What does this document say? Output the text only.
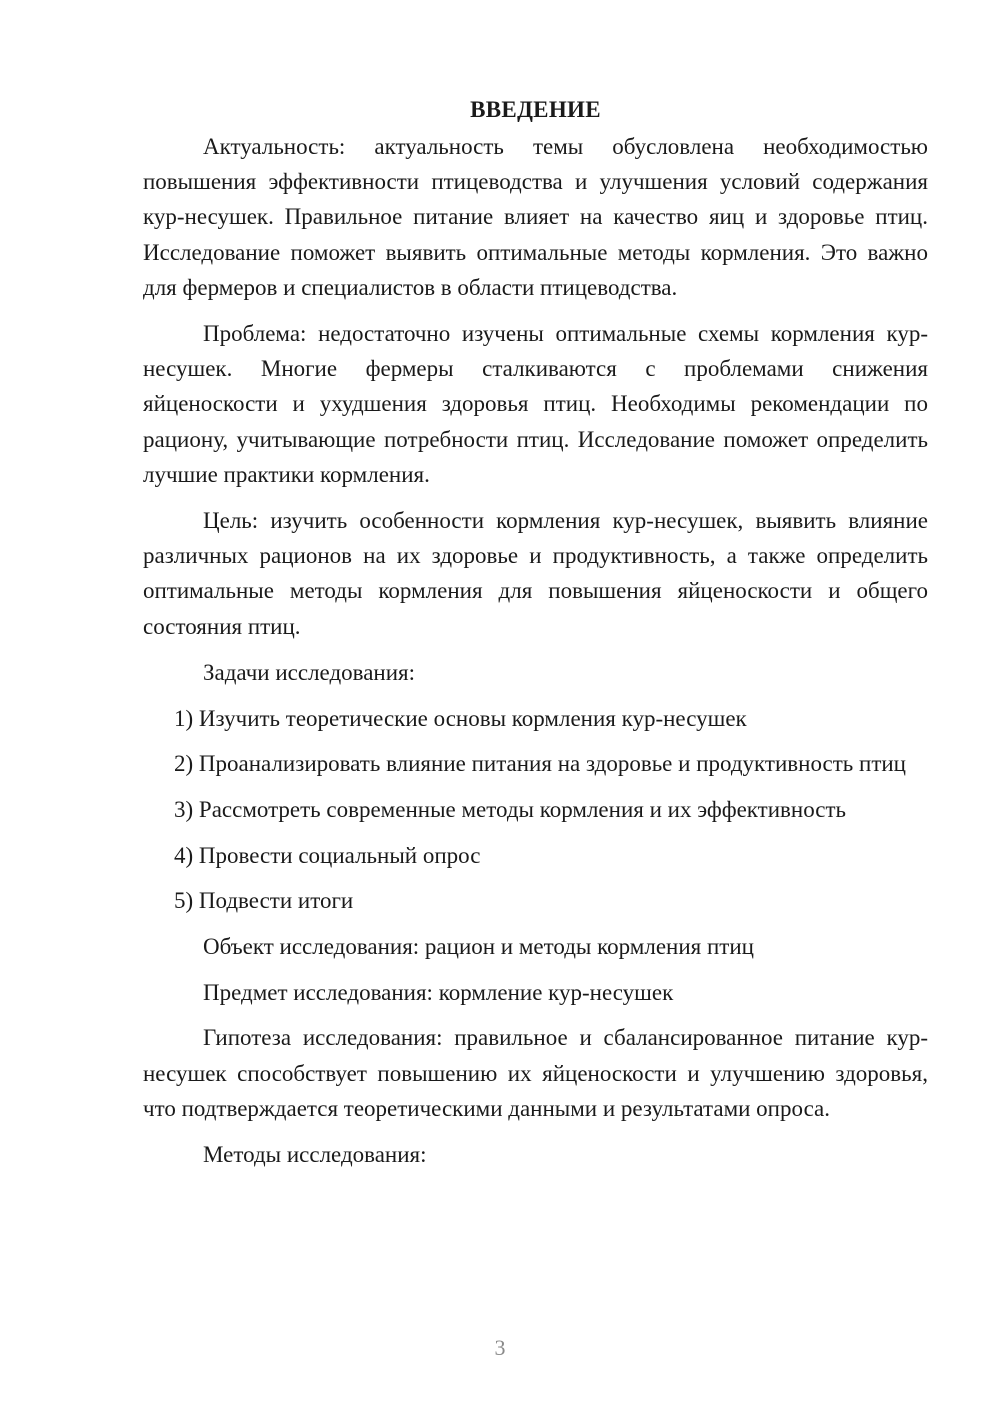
ВВЕДЕНИЕ

Актуальность: актуальность темы обусловлена необходимостью повышения эффективности птицеводства и улучшения условий содержания кур-несушек. Правильное питание влияет на качество яиц и здоровье птиц. Исследование поможет выявить оптимальные методы кормления. Это важно для фермеров и специалистов в области птицеводства.

Проблема: недостаточно изучены оптимальные схемы кормления кур-несушек. Многие фермеры сталкиваются с проблемами снижения яйценоскости и ухудшения здоровья птиц. Необходимы рекомендации по рациону, учитывающие потребности птиц. Исследование поможет определить лучшие практики кормления.

Цель: изучить особенности кормления кур-несушек, выявить влияние различных рационов на их здоровье и продуктивность, а также определить оптимальные методы кормления для повышения яйценоскости и общего состояния птиц.

Задачи исследования:

1) Изучить теоретические основы кормления кур-несушек

2) Проанализировать влияние питания на здоровье и продуктивность птиц

3) Рассмотреть современные методы кормления и их эффективность

4) Провести социальный опрос

5) Подвести итоги

Объект исследования: рацион и методы кормления птиц

Предмет исследования: кормление кур-несушек

Гипотеза исследования: правильное и сбалансированное питание кур-несушек способствует повышению их яйценоскости и улучшению здоровья, что подтверждается теоретическими данными и результатами опроса.

Методы исследования:

3
